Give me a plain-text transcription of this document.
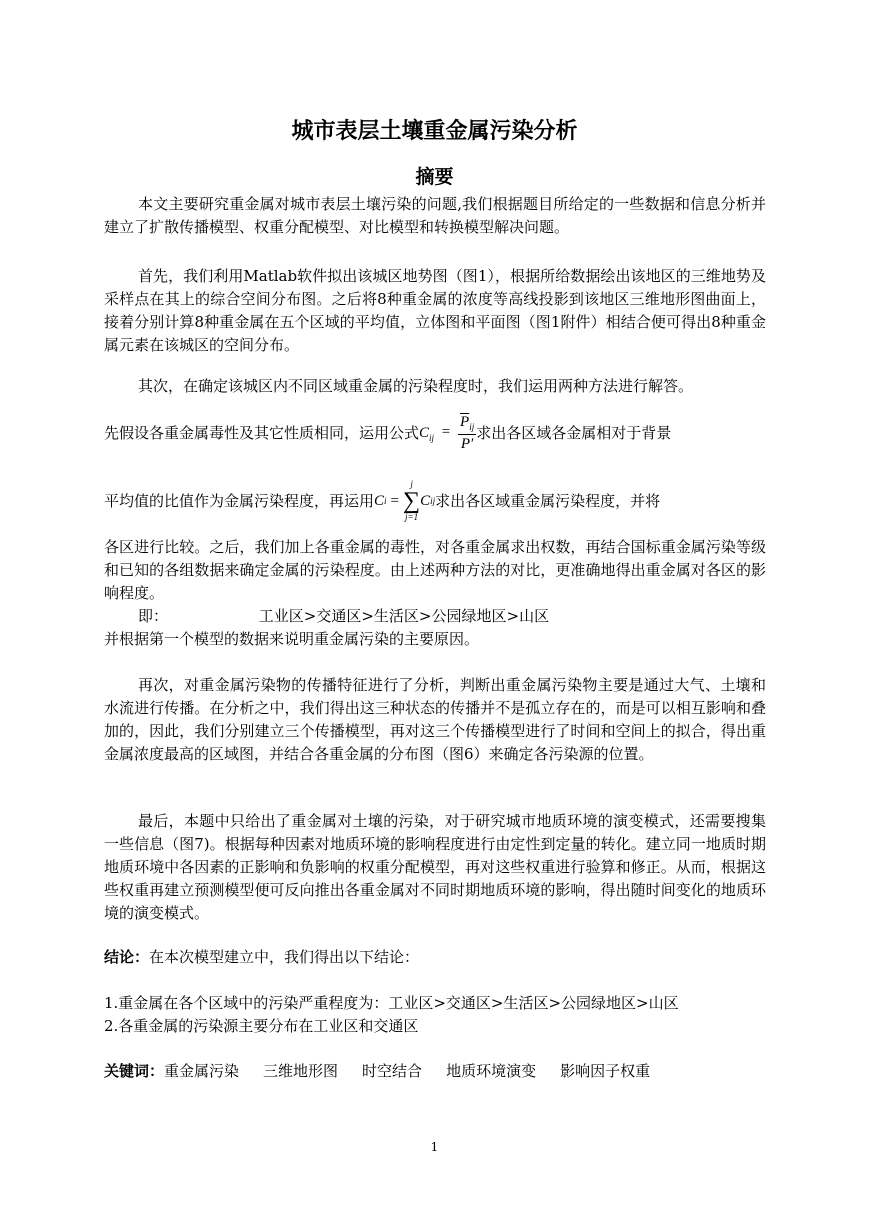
城市表层土壤重金属污染分析
摘要
本文主要研究重金属对城市表层土壤污染的问题,我们根据题目所给定的一些数据和信息分析并建立了扩散传播模型、权重分配模型、对比模型和转换模型解决问题。
首先，我们利用Matlab软件拟出该城区地势图（图1），根据所给数据绘出该地区的三维地势及采样点在其上的综合空间分布图。之后将8种重金属的浓度等高线投影到该地区三维地形图曲面上，接着分别计算8种重金属在五个区域的平均值，立体图和平面图（图1附件）相结合便可得出8种重金属元素在该城区的空间分布。
其次，在确定该城区内不同区域重金属的污染程度时，我们运用两种方法进行解答。
先假设各重金属毒性及其它性质相同，运用公式 $C_{ij} = \frac{\overline{P}_{ij}}{P'}$ 求出各区域各金属相对于背景
平均值的比值作为金属污染程度，再运用 C i =
j
∑
j=1
C ij 求出各区域重金属污染程度，并将
各区进行比较。之后，我们加上各重金属的毒性，对各重金属求出权数，再结合国标重金属污染等级和已知的各组数据来确定金属的污染程度。由上述两种方法的对比，更准确地得出重金属对各区的影响程度。
即：	工业区>交通区>生活区>公园绿地区>山区
并根据第一个模型的数据来说明重金属污染的主要原因。
再次，对重金属污染物的传播特征进行了分析，判断出重金属污染物主要是通过大气、土壤和水流进行传播。在分析之中，我们得出这三种状态的传播并不是孤立存在的，而是可以相互影响和叠加的，因此，我们分别建立三个传播模型，再对这三个传播模型进行了时间和空间上的拟合，得出重金属浓度最高的区域图，并结合各重金属的分布图（图6）来确定各污染源的位置。
最后，本题中只给出了重金属对土壤的污染，对于研究城市地质环境的演变模式，还需要搜集一些信息（图7)。根据每种因素对地质环境的影响程度进行由定性到定量的转化。建立同一地质时期地质环境中各因素的正影响和负影响的权重分配模型，再对这些权重进行验算和修正。从而，根据这些权重再建立预测模型便可反向推出各重金属对不同时期地质环境的影响，得出随时间变化的地质环境的演变模式。
结论：在本次模型建立中，我们得出以下结论：
1.重金属在各个区域中的污染严重程度为：工业区>交通区>生活区>公园绿地区>山区
2.各重金属的污染源主要分布在工业区和交通区
关键词：重金属污染 三维地形图 时空结合 地质环境演变 影响因子权重
1
